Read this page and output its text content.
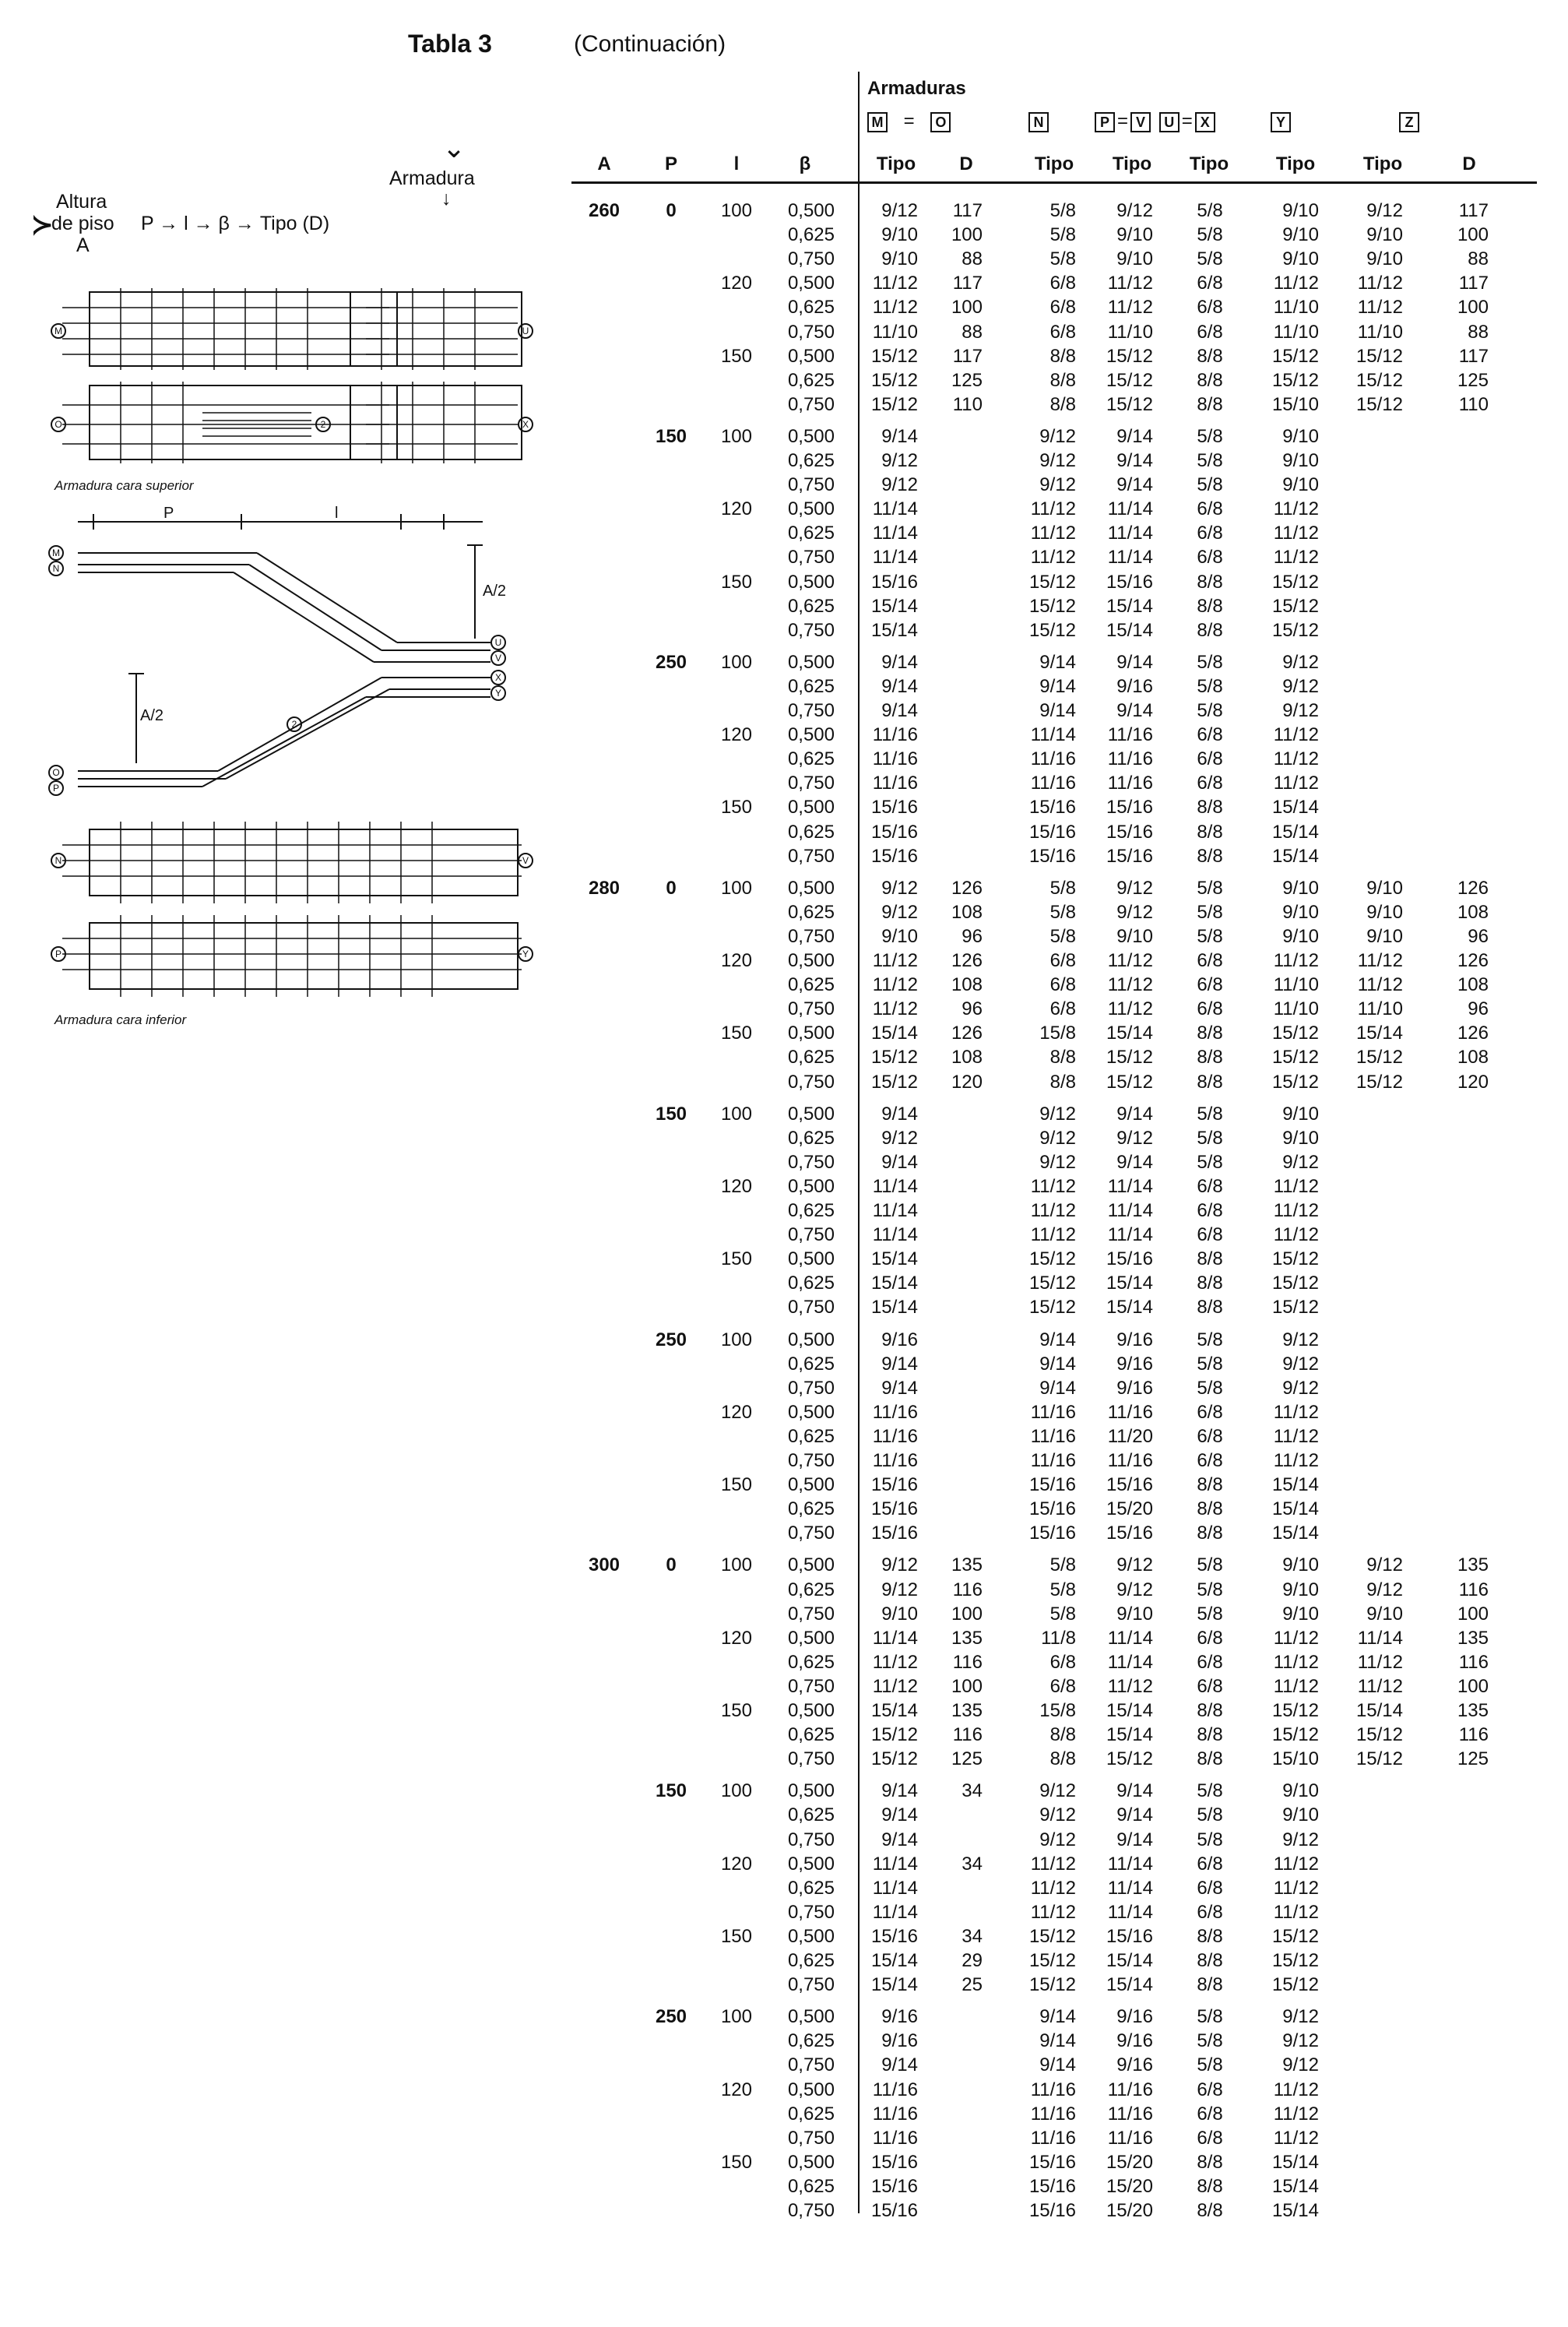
Tabla 3	(Continuación)
⌄
Armadura
↓
Altura
≻
de piso P → l → β → Tipo (D)
A
M	U
O	X
2
Armadura cara superior
M
N
U
V
X
Y
O
P
2
P	l
A/2
A/2
N	V
P	Y
Armadura cara inferior
Armaduras
M = O	N	P = V U = X	Y	Z
A	P	l	β	Tipo D	Tipo Tipo Tipo	Tipo	Tipo	D
260 0 100 0,500	9/12 117	5/8 9/12 5/8	9/10	9/12	117
0,625	9/10 100	5/8 9/10 5/8	9/10	9/10	100
0,750	9/10 88	5/8 9/10 5/8	9/10	9/10	88
120 0,500 11/12 117	6/8 11/12 6/8	11/12 11/12	117
0,625 11/12 100	6/8 11/12 6/8	11/10 11/12	100
0,750 11/10 88	6/8 11/10 6/8	11/10 11/10	88
150 0,500 15/12 117	8/8 15/12 8/8	15/12 15/12	117
0,625 15/12 125	8/8 15/12 8/8	15/12 15/12	125
0,750 15/12 110	8/8 15/12 8/8	15/10 15/12	110
150 100 0,500	9/14	9/12 9/14 5/8	9/10
0,625	9/12	9/12 9/14 5/8	9/10
0,750	9/12	9/12 9/14 5/8	9/10
120 0,500 11/14	11/12 11/14 6/8	11/12
0,625 11/14	11/12 11/14 6/8	11/12
0,750 11/14	11/12 11/14 6/8	11/12
150 0,500 15/16	15/12 15/16 8/8	15/12
0,625 15/14	15/12 15/14 8/8	15/12
0,750 15/14	15/12 15/14 8/8	15/12
250 100 0,500	9/14	9/14 9/14 5/8	9/12
0,625	9/14	9/14 9/16 5/8	9/12
0,750	9/14	9/14 9/14 5/8	9/12
120 0,500 11/16	11/14 11/16 6/8	11/12
0,625 11/16	11/16 11/16 6/8	11/12
0,750 11/16	11/16 11/16 6/8	11/12
150 0,500 15/16	15/16 15/16 8/8	15/14
0,625 15/16	15/16 15/16 8/8	15/14
0,750 15/16	15/16 15/16 8/8	15/14
280 0 100 0,500	9/12 126	5/8 9/12 5/8	9/10	9/10	126
0,625	9/12 108	5/8 9/12 5/8	9/10	9/10	108
0,750	9/10 96	5/8 9/10 5/8	9/10	9/10	96
120 0,500 11/12 126	6/8 11/12 6/8	11/12 11/12	126
0,625 11/12 108	6/8 11/12 6/8	11/10 11/12	108
0,750 11/12 96	6/8 11/12 6/8	11/10 11/10	96
150 0,500 15/14 126	15/8 15/14 8/8	15/12 15/14	126
0,625 15/12 108	8/8 15/12 8/8	15/12 15/12	108
0,750 15/12 120	8/8 15/12 8/8	15/12 15/12	120
150 100 0,500	9/14	9/12 9/14 5/8	9/10
0,625	9/12	9/12 9/12 5/8	9/10
0,750	9/14	9/12 9/14 5/8	9/12
120 0,500 11/14	11/12 11/14 6/8	11/12
0,625 11/14	11/12 11/14 6/8	11/12
0,750 11/14	11/12 11/14 6/8	11/12
150 0,500 15/14	15/12 15/16 8/8	15/12
0,625 15/14	15/12 15/14 8/8	15/12
0,750 15/14	15/12 15/14 8/8	15/12
250 100 0,500	9/16	9/14 9/16 5/8	9/12
0,625	9/14	9/14 9/16 5/8	9/12
0,750	9/14	9/14 9/16 5/8	9/12
120 0,500 11/16	11/16 11/16 6/8	11/12
0,625 11/16	11/16 11/20 6/8	11/12
0,750 11/16	11/16 11/16 6/8	11/12
150 0,500 15/16	15/16 15/16 8/8	15/14
0,625 15/16	15/16 15/20 8/8	15/14
0,750 15/16	15/16 15/16 8/8	15/14
300 0 100 0,500	9/12 135	5/8 9/12 5/8	9/10	9/12	135
0,625	9/12 116	5/8 9/12 5/8	9/10	9/12	116
0,750	9/10 100	5/8 9/10 5/8	9/10	9/10	100
120 0,500 11/14 135	11/8 11/14 6/8	11/12 11/14	135
0,625 11/12 116	6/8 11/14 6/8	11/12 11/12	116
0,750 11/12 100	6/8 11/12 6/8	11/12 11/12	100
150 0,500 15/14 135	15/8 15/14 8/8	15/12 15/14	135
0,625 15/12 116	8/8 15/14 8/8	15/12 15/12	116
0,750 15/12 125	8/8 15/12 8/8	15/10 15/12	125
150 100 0,500	9/14 34	9/12 9/14 5/8	9/10
0,625	9/14	9/12 9/14 5/8	9/10
0,750	9/14	9/12 9/14 5/8	9/12
120 0,500 11/14 34	11/12 11/14 6/8	11/12
0,625 11/14	11/12 11/14 6/8	11/12
0,750 11/14	11/12 11/14 6/8	11/12
150 0,500 15/16 34 15/12 15/16 8/8	15/12
0,625 15/14 29 15/12 15/14 8/8	15/12
0,750 15/14 25 15/12 15/14 8/8	15/12
250 100 0,500	9/16	9/14 9/16 5/8	9/12
0,625	9/16	9/14 9/16 5/8	9/12
0,750	9/14	9/14 9/16 5/8	9/12
120 0,500 11/16	11/16 11/16 6/8	11/12
0,625 11/16	11/16 11/16 6/8	11/12
0,750 11/16	11/16 11/16 6/8	11/12
150 0,500 15/16	15/16 15/20 8/8	15/14
0,625 15/16	15/16 15/20 8/8	15/14
0,750 15/16	15/16 15/20 8/8	15/14
